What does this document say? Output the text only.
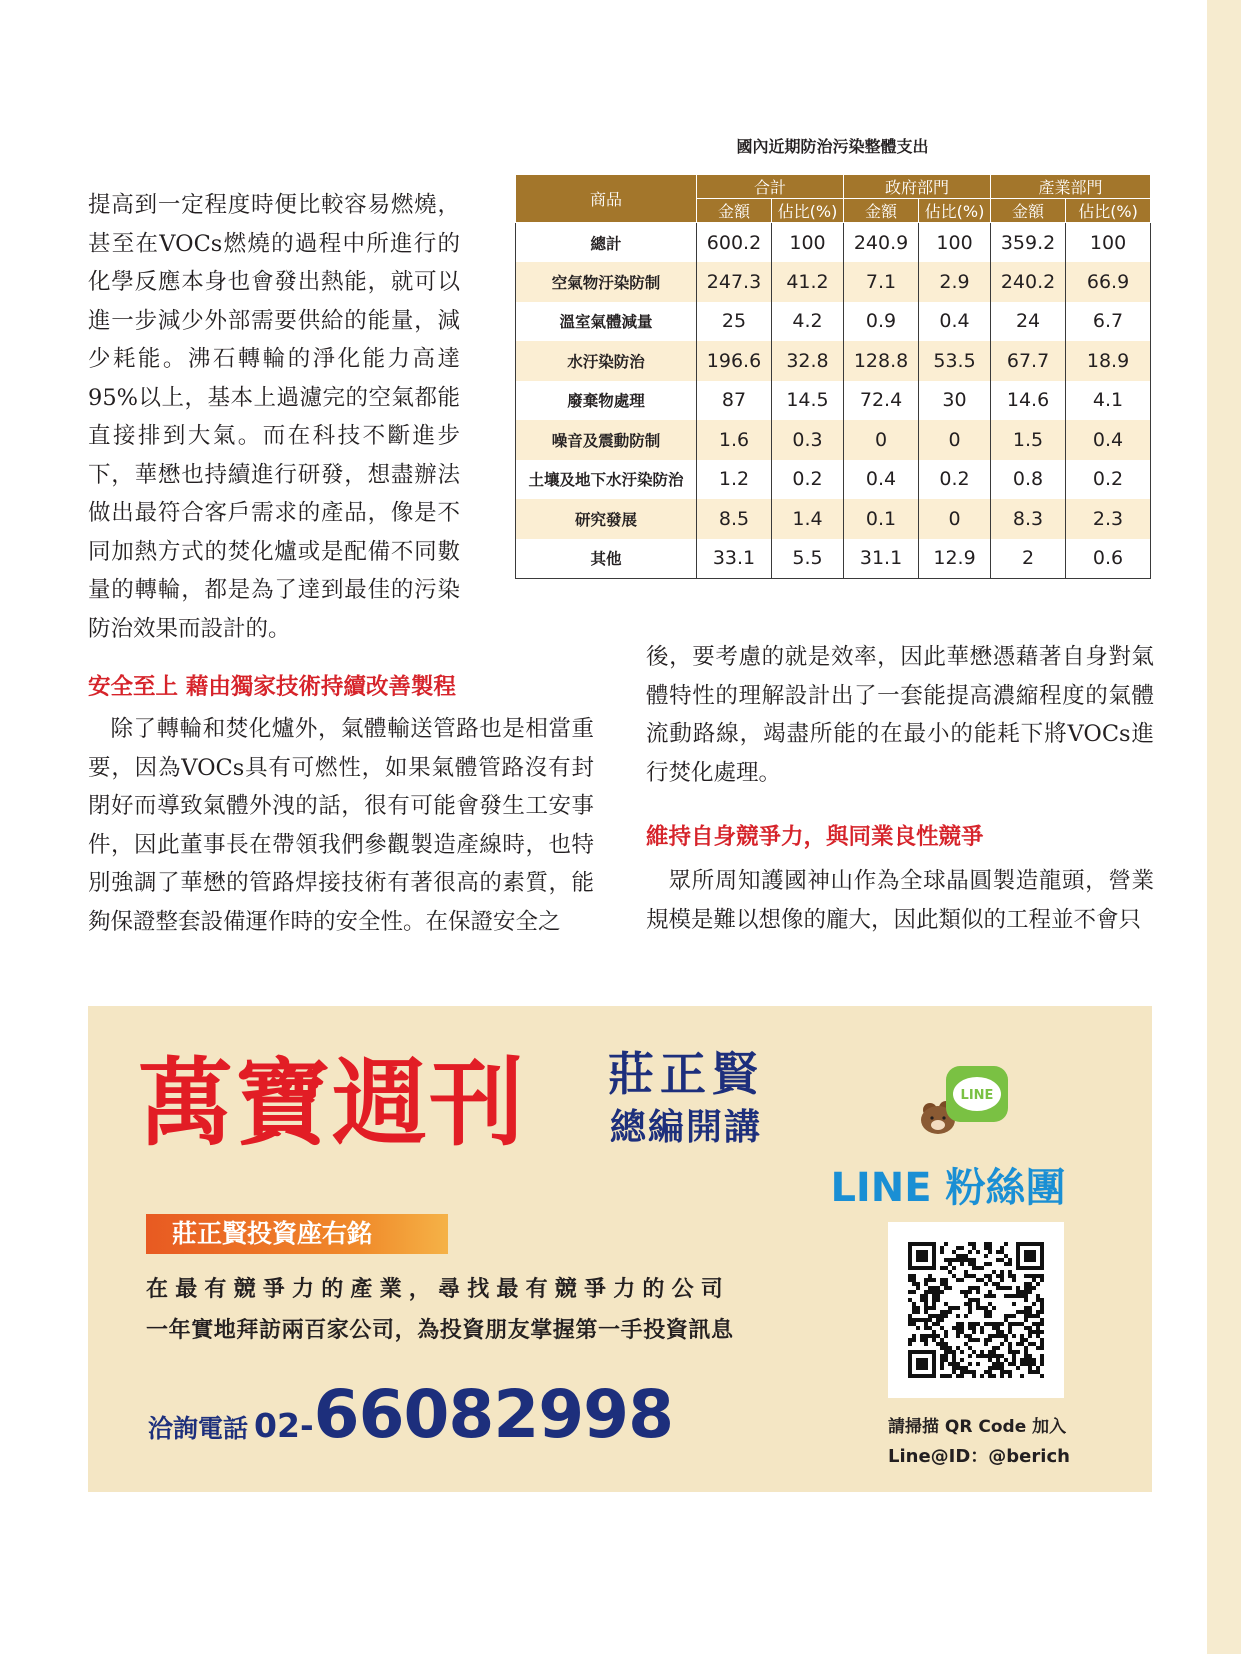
提高到一定程度時便比較容易燃燒，甚至在VOCs燃燒的過程中所進行的化學反應本身也會發出熱能，就可以進一步減少外部需要供給的能量，減少耗能。沸石轉輪的淨化能力高達95%以上，基本上過濾完的空氣都能直接排到大氣。而在科技不斷進步下，華懋也持續進行研發，想盡辦法做出最符合客戶需求的產品，像是不同加熱方式的焚化爐或是配備不同數量的轉輪，都是為了達到最佳的污染防治效果而設計的。

國內近期防治污染整體支出
商品	合計		政府部門		產業部門	
	金額	佔比(%)	金額	佔比(%)	金額	佔比(%)
總計	600.2	100	240.9	100	359.2	100
空氣物汙染防制	247.3	41.2	7.1	2.9	240.2	66.9
溫室氣體減量	25	4.2	0.9	0.4	24	6.7
水汙染防治	196.6	32.8	128.8	53.5	67.7	18.9
廢棄物處理	87	14.5	72.4	30	14.6	4.1
噪音及震動防制	1.6	0.3	0	0	1.5	0.4
土壤及地下水汙染防治	1.2	0.2	0.4	0.2	0.8	0.2
研究發展	8.5	1.4	0.1	0	8.3	2.3
其他	33.1	5.5	31.1	12.9	2	0.6
安全至上 藉由獨家技術持續改善製程

除了轉輪和焚化爐外，氣體輸送管路也是相當重要，因為VOCs具有可燃性，如果氣體管路沒有封閉好而導致氣體外洩的話，很有可能會發生工安事件，因此董事長在帶領我們參觀製造產線時，也特別強調了華懋的管路焊接技術有著很高的素質，能夠保證整套設備運作時的安全性。在保證安全之

後，要考慮的就是效率，因此華懋憑藉著自身對氣體特性的理解設計出了一套能提高濃縮程度的氣體流動路線，竭盡所能的在最小的能耗下將VOCs進行焚化處理。

維持自身競爭力，與同業良性競爭

眾所周知護國神山作為全球晶圓製造龍頭，營業規模是難以想像的龐大，因此類似的工程並不會只

萬寶週刊 莊正賢
總編開講
莊正賢投資座右銘
在最有競爭力的產業，尋找最有競爭力的公司
一年實地拜訪兩百家公司，為投資朋友掌握第一手投資訊息
洽詢電話 02-66082998
LINE
LINE 粉絲團
請掃描 QR Code 加入
Line@ID：@berich
